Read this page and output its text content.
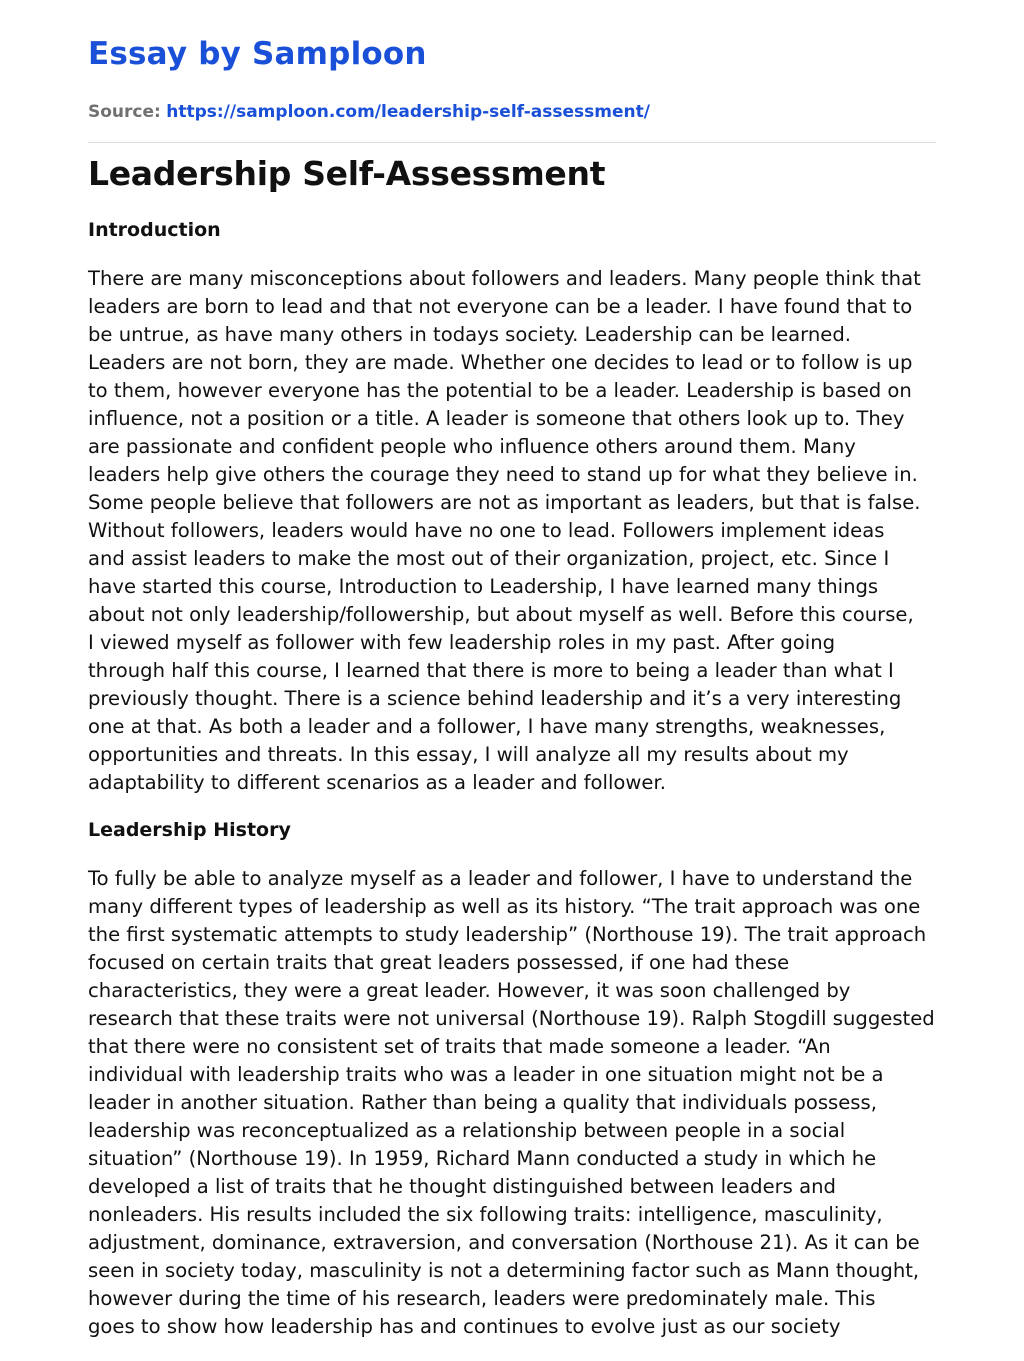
Essay by Samploon
Source: https://samploon.com/leadership-self-assessment/
Leadership Self-Assessment
Introduction
There are many misconceptions about followers and leaders. Many people think that
leaders are born to lead and that not everyone can be a leader. I have found that to
be untrue, as have many others in todays society. Leadership can be learned.
Leaders are not born, they are made. Whether one decides to lead or to follow is up
to them, however everyone has the potential to be a leader. Leadership is based on
influence, not a position or a title. A leader is someone that others look up to. They
are passionate and confident people who influence others around them. Many
leaders help give others the courage they need to stand up for what they believe in.
Some people believe that followers are not as important as leaders, but that is false.
Without followers, leaders would have no one to lead. Followers implement ideas
and assist leaders to make the most out of their organization, project, etc. Since I
have started this course, Introduction to Leadership, I have learned many things
about not only leadership/followership, but about myself as well. Before this course,
I viewed myself as follower with few leadership roles in my past. After going
through half this course, I learned that there is more to being a leader than what I
previously thought. There is a science behind leadership and it’s a very interesting
one at that. As both a leader and a follower, I have many strengths, weaknesses,
opportunities and threats. In this essay, I will analyze all my results about my
adaptability to different scenarios as a leader and follower.
Leadership History
To fully be able to analyze myself as a leader and follower, I have to understand the
many different types of leadership as well as its history. “The trait approach was one
the first systematic attempts to study leadership” (Northouse 19). The trait approach
focused on certain traits that great leaders possessed, if one had these
characteristics, they were a great leader. However, it was soon challenged by
research that these traits were not universal (Northouse 19). Ralph Stogdill suggested
that there were no consistent set of traits that made someone a leader. “An
individual with leadership traits who was a leader in one situation might not be a
leader in another situation. Rather than being a quality that individuals possess,
leadership was reconceptualized as a relationship between people in a social
situation” (Northouse 19). In 1959, Richard Mann conducted a study in which he
developed a list of traits that he thought distinguished between leaders and
nonleaders. His results included the six following traits: intelligence, masculinity,
adjustment, dominance, extraversion, and conversation (Northouse 21). As it can be
seen in society today, masculinity is not a determining factor such as Mann thought,
however during the time of his research, leaders were predominately male. This
goes to show how leadership has and continues to evolve just as our society
